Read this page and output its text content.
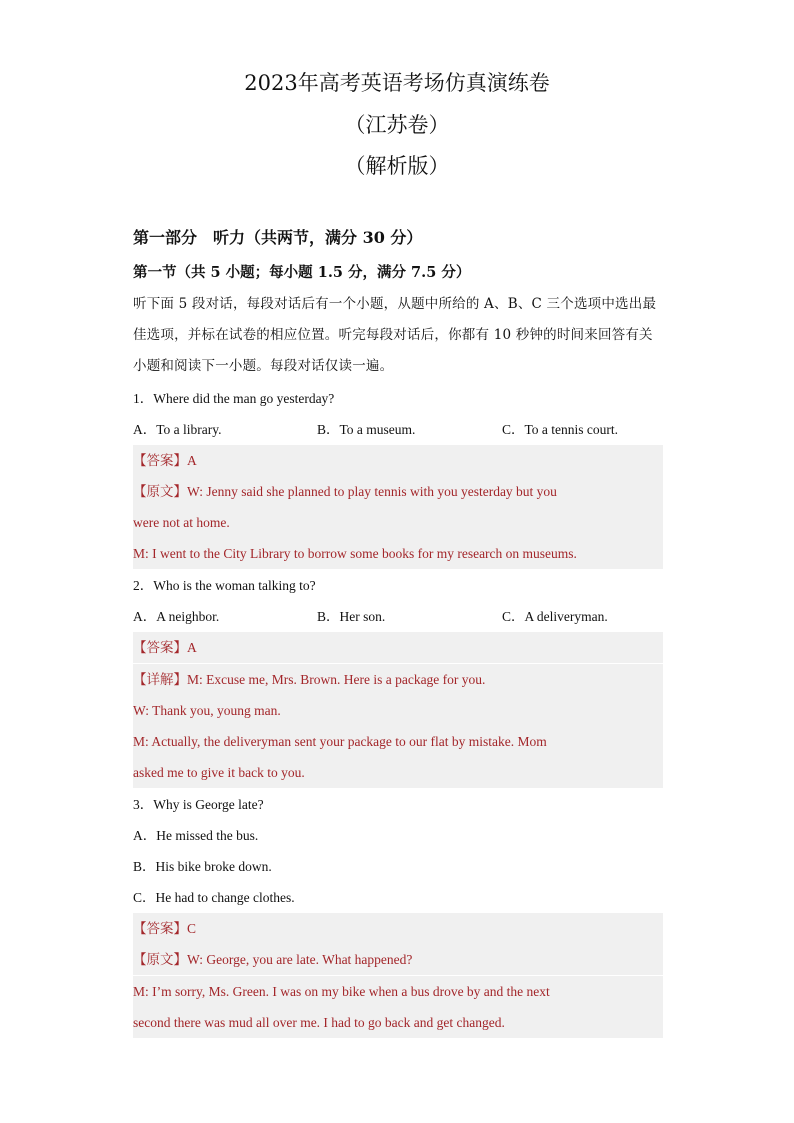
2023年高考英语考场仿真演练卷
（江苏卷）
（解析版）
第一部分　听力（共两节，满分 30 分）
第一节（共 5 小题；每小题 1.5 分，满分 7.5 分）
听下面 5 段对话，每段对话后有一个小题，从题中所给的 A、B、C 三个选项中选出最
佳选项，并标在试卷的相应位置。听完每段对话后，你都有 10 秒钟的时间来回答有关
小题和阅读下一小题。每段对话仅读一遍。
1．Where did the man go yesterday?
A．To a library.	B．To a museum.	C．To a tennis court.
【答案】A
【原文】W: Jenny said she planned to play tennis with you yesterday but you
were not at home.
M: I went to the City Library to borrow some books for my research on museums.
2．Who is the woman talking to?
A．A neighbor.	B．Her son.	C．A deliveryman.
【答案】A
【详解】M: Excuse me, Mrs. Brown. Here is a package for you.
W: Thank you, young man.
M: Actually, the deliveryman sent your package to our flat by mistake. Mom
asked me to give it back to you.
3．Why is George late?
A．He missed the bus.
B．His bike broke down.
C．He had to change clothes.
【答案】C
【原文】W: George, you are late. What happened?
M: I’m sorry, Ms. Green. I was on my bike when a bus drove by and the next
second there was mud all over me. I had to go back and get changed.
